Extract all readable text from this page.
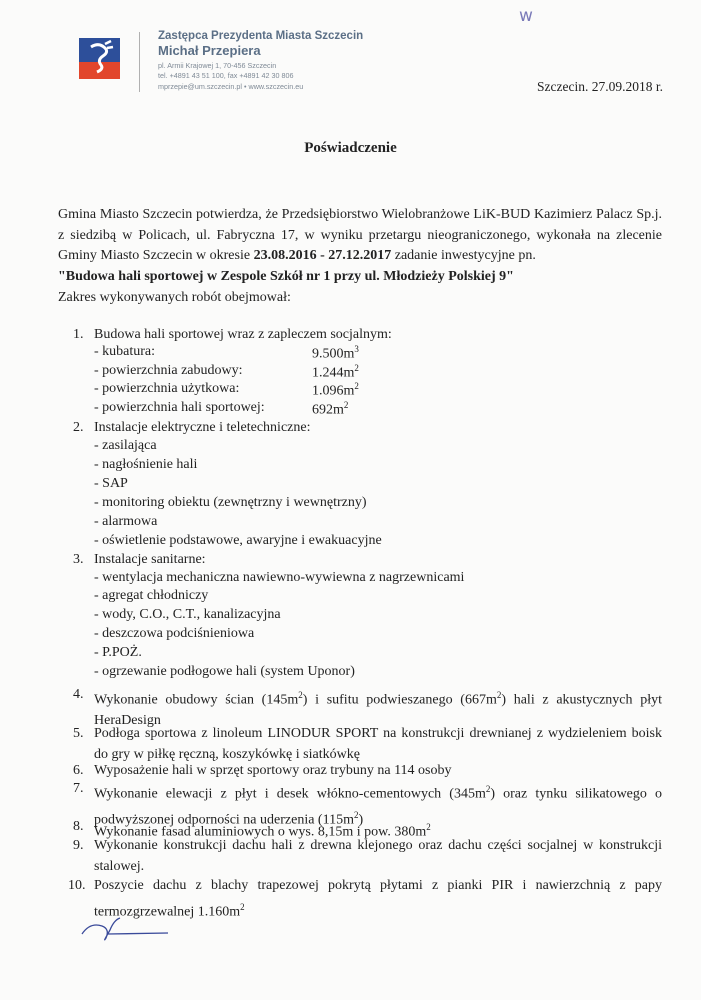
w
Zastępca Prezydenta Miasta Szczecin
Michał Przepiera
pl. Armii Krajowej 1, 70-456 Szczecin
tel. +4891 43 51 100, fax +4891 42 30 806
mprzepie@um.szczecin.pl • www.szczecin.eu	Szczecin. 27.09.2018 r.
Poświadczenie
Gmina Miasto Szczecin potwierdza, że Przedsiębiorstwo Wielobranżowe LiK-BUD Kazimierz Palacz Sp.j. z siedzibą w Policach, ul. Fabryczna 17, w wyniku przetargu nieograniczonego, wykonała na zlecenie Gminy Miasto Szczecin w okresie 23.08.2016 - 27.12.2017 zadanie inwestycyjne pn.
"Budowa hali sportowej w Zespole Szkół nr 1 przy ul. Młodzieży Polskiej 9"
Zakres wykonywanych robót obejmował:
1. Budowa hali sportowej wraz z zapleczem socjalnym:
- kubatura:	$9.500m^3$
- powierzchnia zabudowy:	$1.244m^2$
- powierzchnia użytkowa:	$1.096m^2$
- powierzchnia hali sportowej:	$692m^2$
2. Instalacje elektryczne i teletechniczne:
- zasilająca
- nagłośnienie hali
- SAP
- monitoring obiektu (zewnętrzny i wewnętrzny)
- alarmowa
- oświetlenie podstawowe, awaryjne i ewakuacyjne
3. Instalacje sanitarne:
- wentylacja mechaniczna nawiewno-wywiewna z nagrzewnicami
- agregat chłodniczy
- wody, C.O., C.T., kanalizacyjna
- deszczowa podciśnieniowa
- P.POŻ.
- ogrzewanie podłogowe hali (system Uponor)
4. Wykonanie obudowy ścian $(145m^2)$ i sufitu podwieszanego $(667m^2)$ hali z akustycznych płyt HeraDesign
5. Podłoga sportowa z linoleum LINODUR SPORT na konstrukcji drewnianej z wydzieleniem boisk do gry w piłkę ręczną, koszykówkę i siatkówkę
6. Wyposażenie hali w sprzęt sportowy oraz trybuny na 114 osoby
7. Wykonanie elewacji z płyt i desek włókno-cementowych $(345m^2)$ oraz tynku silikatowego o podwyższonej odporności na uderzenia $(115m^2)$
8. Wykonanie fasad aluminiowych o wys. 8,15m i pow. $380m^2$
9. Wykonanie konstrukcji dachu hali z drewna klejonego oraz dachu części socjalnej w konstrukcji stalowej.
10. Poszycie dachu z blachy trapezowej pokrytą płytami z pianki PIR i nawierzchnią z papy termozgrzewalnej $1.160m^2$
